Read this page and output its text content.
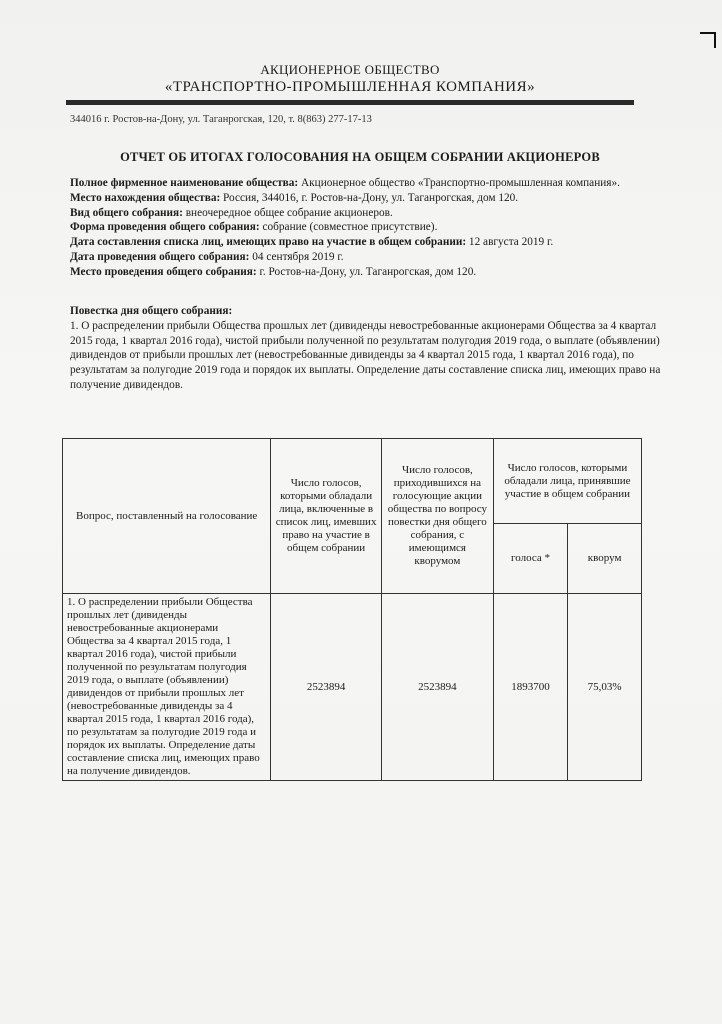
АКЦИОНЕРНОЕ ОБЩЕСТВО
«ТРАНСПОРТНО-ПРОМЫШЛЕННАЯ КОМПАНИЯ»
344016 г. Ростов-на-Дону, ул. Таганрогская, 120, т. 8(863) 277-17-13
ОТЧЕТ ОБ ИТОГАХ ГОЛОСОВАНИЯ НА ОБЩЕМ СОБРАНИИ АКЦИОНЕРОВ

Полное фирменное наименование общества: Акционерное общество «Транспортно-промышленная компания».

Место нахождения общества: Россия, 344016, г. Ростов-на-Дону, ул. Таганрогская, дом 120.

Вид общего собрания: внеочередное общее собрание акционеров.

Форма проведения общего собрания: собрание (совместное присутствие).

Дата составления списка лиц, имеющих право на участие в общем собрании: 12 августа 2019 г.

Дата проведения общего собрания: 04 сентября 2019 г.

Место проведения общего собрания: г. Ростов-на-Дону, ул. Таганрогская, дом 120.

Повестка дня общего собрания:

1. О распределении прибыли Общества прошлых лет (дивиденды невостребованные акционерами Общества за 4 квартал 2015 года, 1 квартал 2016 года), чистой прибыли полученной по результатам полугодия 2019 года, о выплате (объявлении) дивидендов от прибыли прошлых лет (невостребованные дивиденды за 4 квартал 2015 года, 1 квартал 2016 года), по результатам за полугодие 2019 года и порядок их выплаты. Определение даты составление списка лиц, имеющих право на получение дивидендов.

Вопрос, поставленный на голосование	Число голосов, которыми обладали лица, включенные в список лиц, имевших право на участие в общем собрании	Число голосов, приходившихся на голосующие акции общества по вопросу повестки дня общего собрания, с имеющимся кворумом	Число голосов, которыми обладали лица, принявшие участие в общем собрании	
			голоса *	кворум
1. О распределении прибыли Общества прошлых лет (дивиденды невостребованные акционерами Общества за 4 квартал 2015 года, 1 квартал 2016 года), чистой прибыли полученной по результатам полугодия 2019 года, о выплате (объявлении) дивидендов от прибыли прошлых лет (невостребованные дивиденды за 4 квартал 2015 года, 1 квартал 2016 года), по результатам за полугодие 2019 года и порядок их выплаты. Определение даты составление списка лиц, имеющих право на получение дивидендов.	2523894	2523894	1893700	75,03%
